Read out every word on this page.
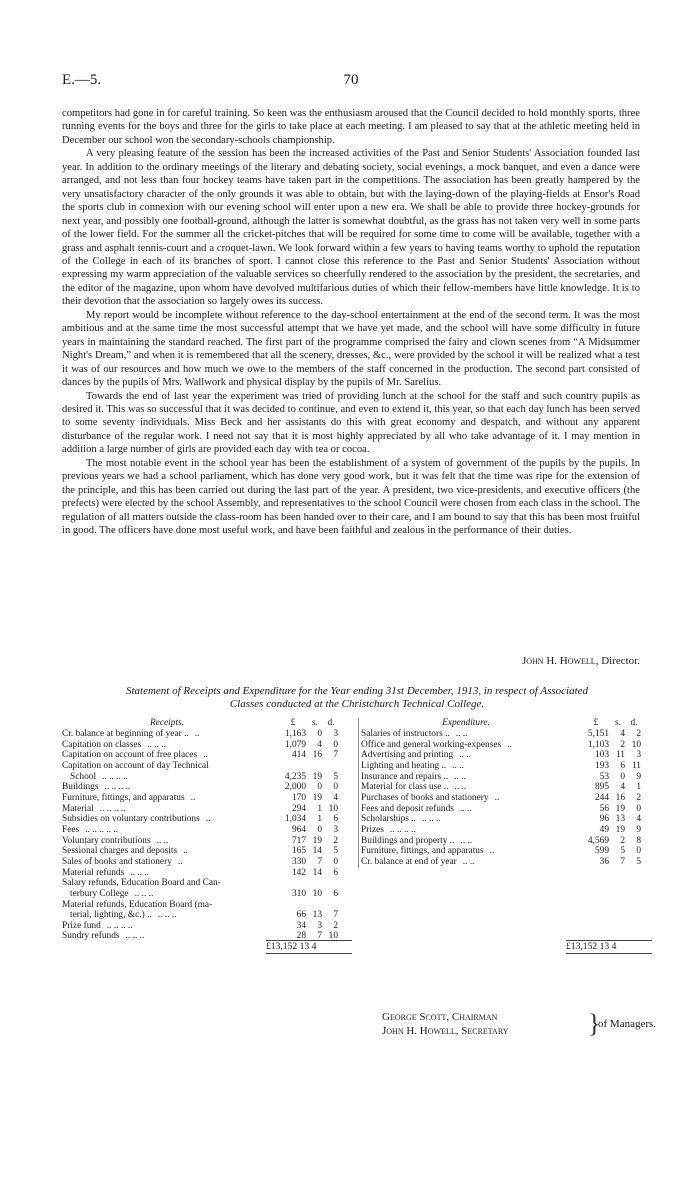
E.—5.	70

competitors had gone in for careful training. So keen was the enthusiasm aroused that the Council decided to hold monthly sports, three running events for the boys and three for the girls to take place at each meeting. I am pleased to say that at the athletic meeting held in December our school won the secondary-schools championship.

A very pleasing feature of the session has been the increased activities of the Past and Senior Students' Association founded last year. In addition to the ordinary meetings of the literary and debating society, social evenings, a mock banquet, and even a dance were arranged, and not less than four hockey teams have taken part in the competitions. The association has been greatly hampered by the very unsatisfactory character of the only grounds it was able to obtain, but with the laying-down of the playing-fields at Ensor's Road the sports club in connexion with our evening school will enter upon a new era. We shall be able to provide three hockey-grounds for next year, and possibly one football-ground, although the latter is somewhat doubtful, as the grass has not taken very well in some parts of the lower field. For the summer all the cricket-pitches that will be required for some time to come will be available, together with a grass and asphalt tennis-court and a croquet-lawn. We look forward within a few years to having teams worthy to uphold the reputation of the College in each of its branches of sport. I cannot close this reference to the Past and Senior Students' Association without expressing my warm appreciation of the valuable services so cheerfully rendered to the association by the president, the secretaries, and the editor of the magazine, upon whom have devolved multifarious duties of which their fellow-members have little knowledge. It is to their devotion that the association so largely owes its success.

My report would be incomplete without reference to the day-school entertainment at the end of the second term. It was the most ambitious and at the same time the most successful attempt that we have yet made, and the school will have some difficulty in future years in maintaining the standard reached. The first part of the programme comprised the fairy and clown scenes from “A Midsummer Night's Dream,” and when it is remembered that all the scenery, dresses, &c., were provided by the school it will be realized what a test it was of our resources and how much we owe to the members of the staff concerned in the production. The second part consisted of dances by the pupils of Mrs. Wallwork and physical display by the pupils of Mr. Sarelius.

Towards the end of last year the experiment was tried of providing lunch at the school for the staff and such country pupils as desired it. This was so successful that it was decided to continue, and even to extend it, this year, so that each day lunch has been served to some seventy individuals. Miss Beck and her assistants do this with great economy and despatch, and without any apparent disturbance of the regular work. I need not say that it is most highly appreciated by all who take advantage of it. I may mention in addition a large number of girls are provided each day with tea or cocoa.

The most notable event in the school year has been the establishment of a system of government of the pupils by the pupils. In previous years we had a school parliament, which has done very good work, but it was felt that the time was ripe for the extension of the principle, and this has been carried out during the last part of the year. A president, two vice-presidents, and executive officers (the prefects) were elected by the school Assembly, and representatives to the school Council were chosen from each class in the school. The regulation of all matters outside the class-room has been handed over to their care, and I am bound to say that this has been most fruitful in good. The officers have done most useful work, and have been faithful and zealous in the performance of their duties.

John H. Howell, Director.
Statement of Receipts and Expenditure for the Year ending 31st December, 1913, in respect of Associated
Classes conducted at the Christchurch Technical College.
Receipts.	£	s.	d.
Cr. balance at beginning of year .. ..	1,163	0	3
Capitation on classes .. .. ..	1,079	4	0
Capitation on account of free places ..	414 16	7
Capitation on account of day Technical
School .. .. .. ..	4,235 19	5
Buildings .. .. .. ..	2,000	0	0
Furniture, fittings, and apparatus ..	170 19	4
Material .. .. .. ..	294	1 10
Subsidies on voluntary contributions ..	1,034	1	6
Fees .. .. .. .. ..	964	0	3
Voluntary contributions .. ..	717 19	2
Sessional charges and deposits ..	165 14	5
Sales of books and stationery ..	330	7	0
Material refunds .. .. ..	142 14	6
Salary refunds, Education Board and Can-
terbury College .. .. ..	310 10	6
Material refunds, Education Board (ma-
terial, lighting, &c.) .. .. .. ..	66 13	7
Prize fund .. .. .. ..	34	3	2
Sundry refunds .. .. ..	28	7 10
Expenditure.	£	s.	d.
Salaries of instructors .. .. ..	5,151	4	2
Office and general working-expenses ..	1,103	2 10
Advertising and printing .. ..	103 11	3
Lighting and heating .. .. ..	193	6 11
Insurance and repairs .. .. ..	53	0	9
Material for class use .. .. ..	895	4	1
Purchases of books and stationery ..	244 16	2
Fees and deposit refunds .. ..	56 19	0
Scholarships .. .. .. ..	96 13	4
Prizes .. .. .. ..	49 19	9
Buildings and property .. .. ..	4,569	2	8
Furniture, fittings, and apparatus ..	599	5	0
Cr. balance at end of year .. ..	36	7	5
£13,152 13 4	£13,152 13 4
George Scott, Chairman
John H. Howell, Secretary	}
of Managers.
